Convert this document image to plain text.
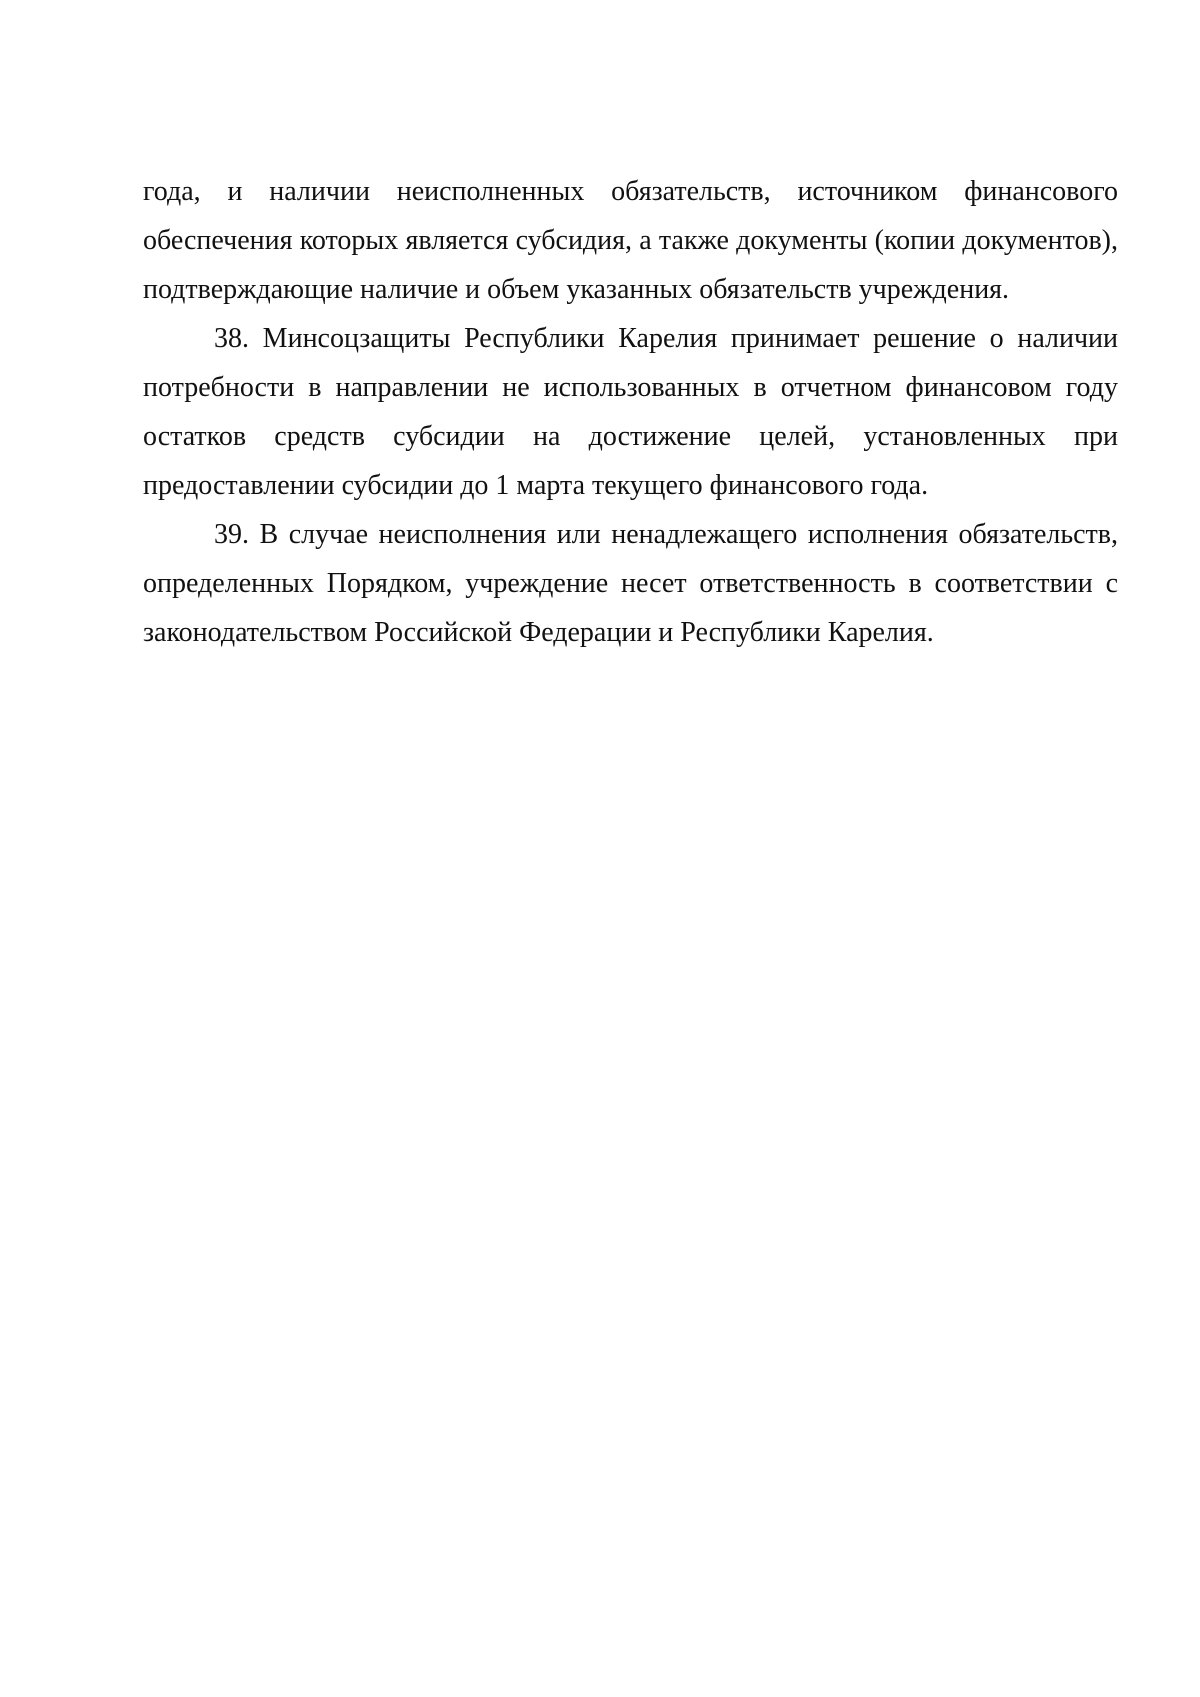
года, и наличии неисполненных обязательств, источником финансового обеспечения которых является субсидия, а также документы (копии документов), подтверждающие наличие и объем указанных обязательств учреждения.

38. Минсоцзащиты Республики Карелия принимает решение о наличии потребности в направлении не использованных в отчетном финансовом году остатков средств субсидии на достижение целей, установленных при предоставлении субсидии до 1 марта текущего финансового года.

39. В случае неисполнения или ненадлежащего исполнения обязательств, определенных Порядком, учреждение несет ответственность в соответствии с законодательством Российской Федерации и Республики Карелия.
